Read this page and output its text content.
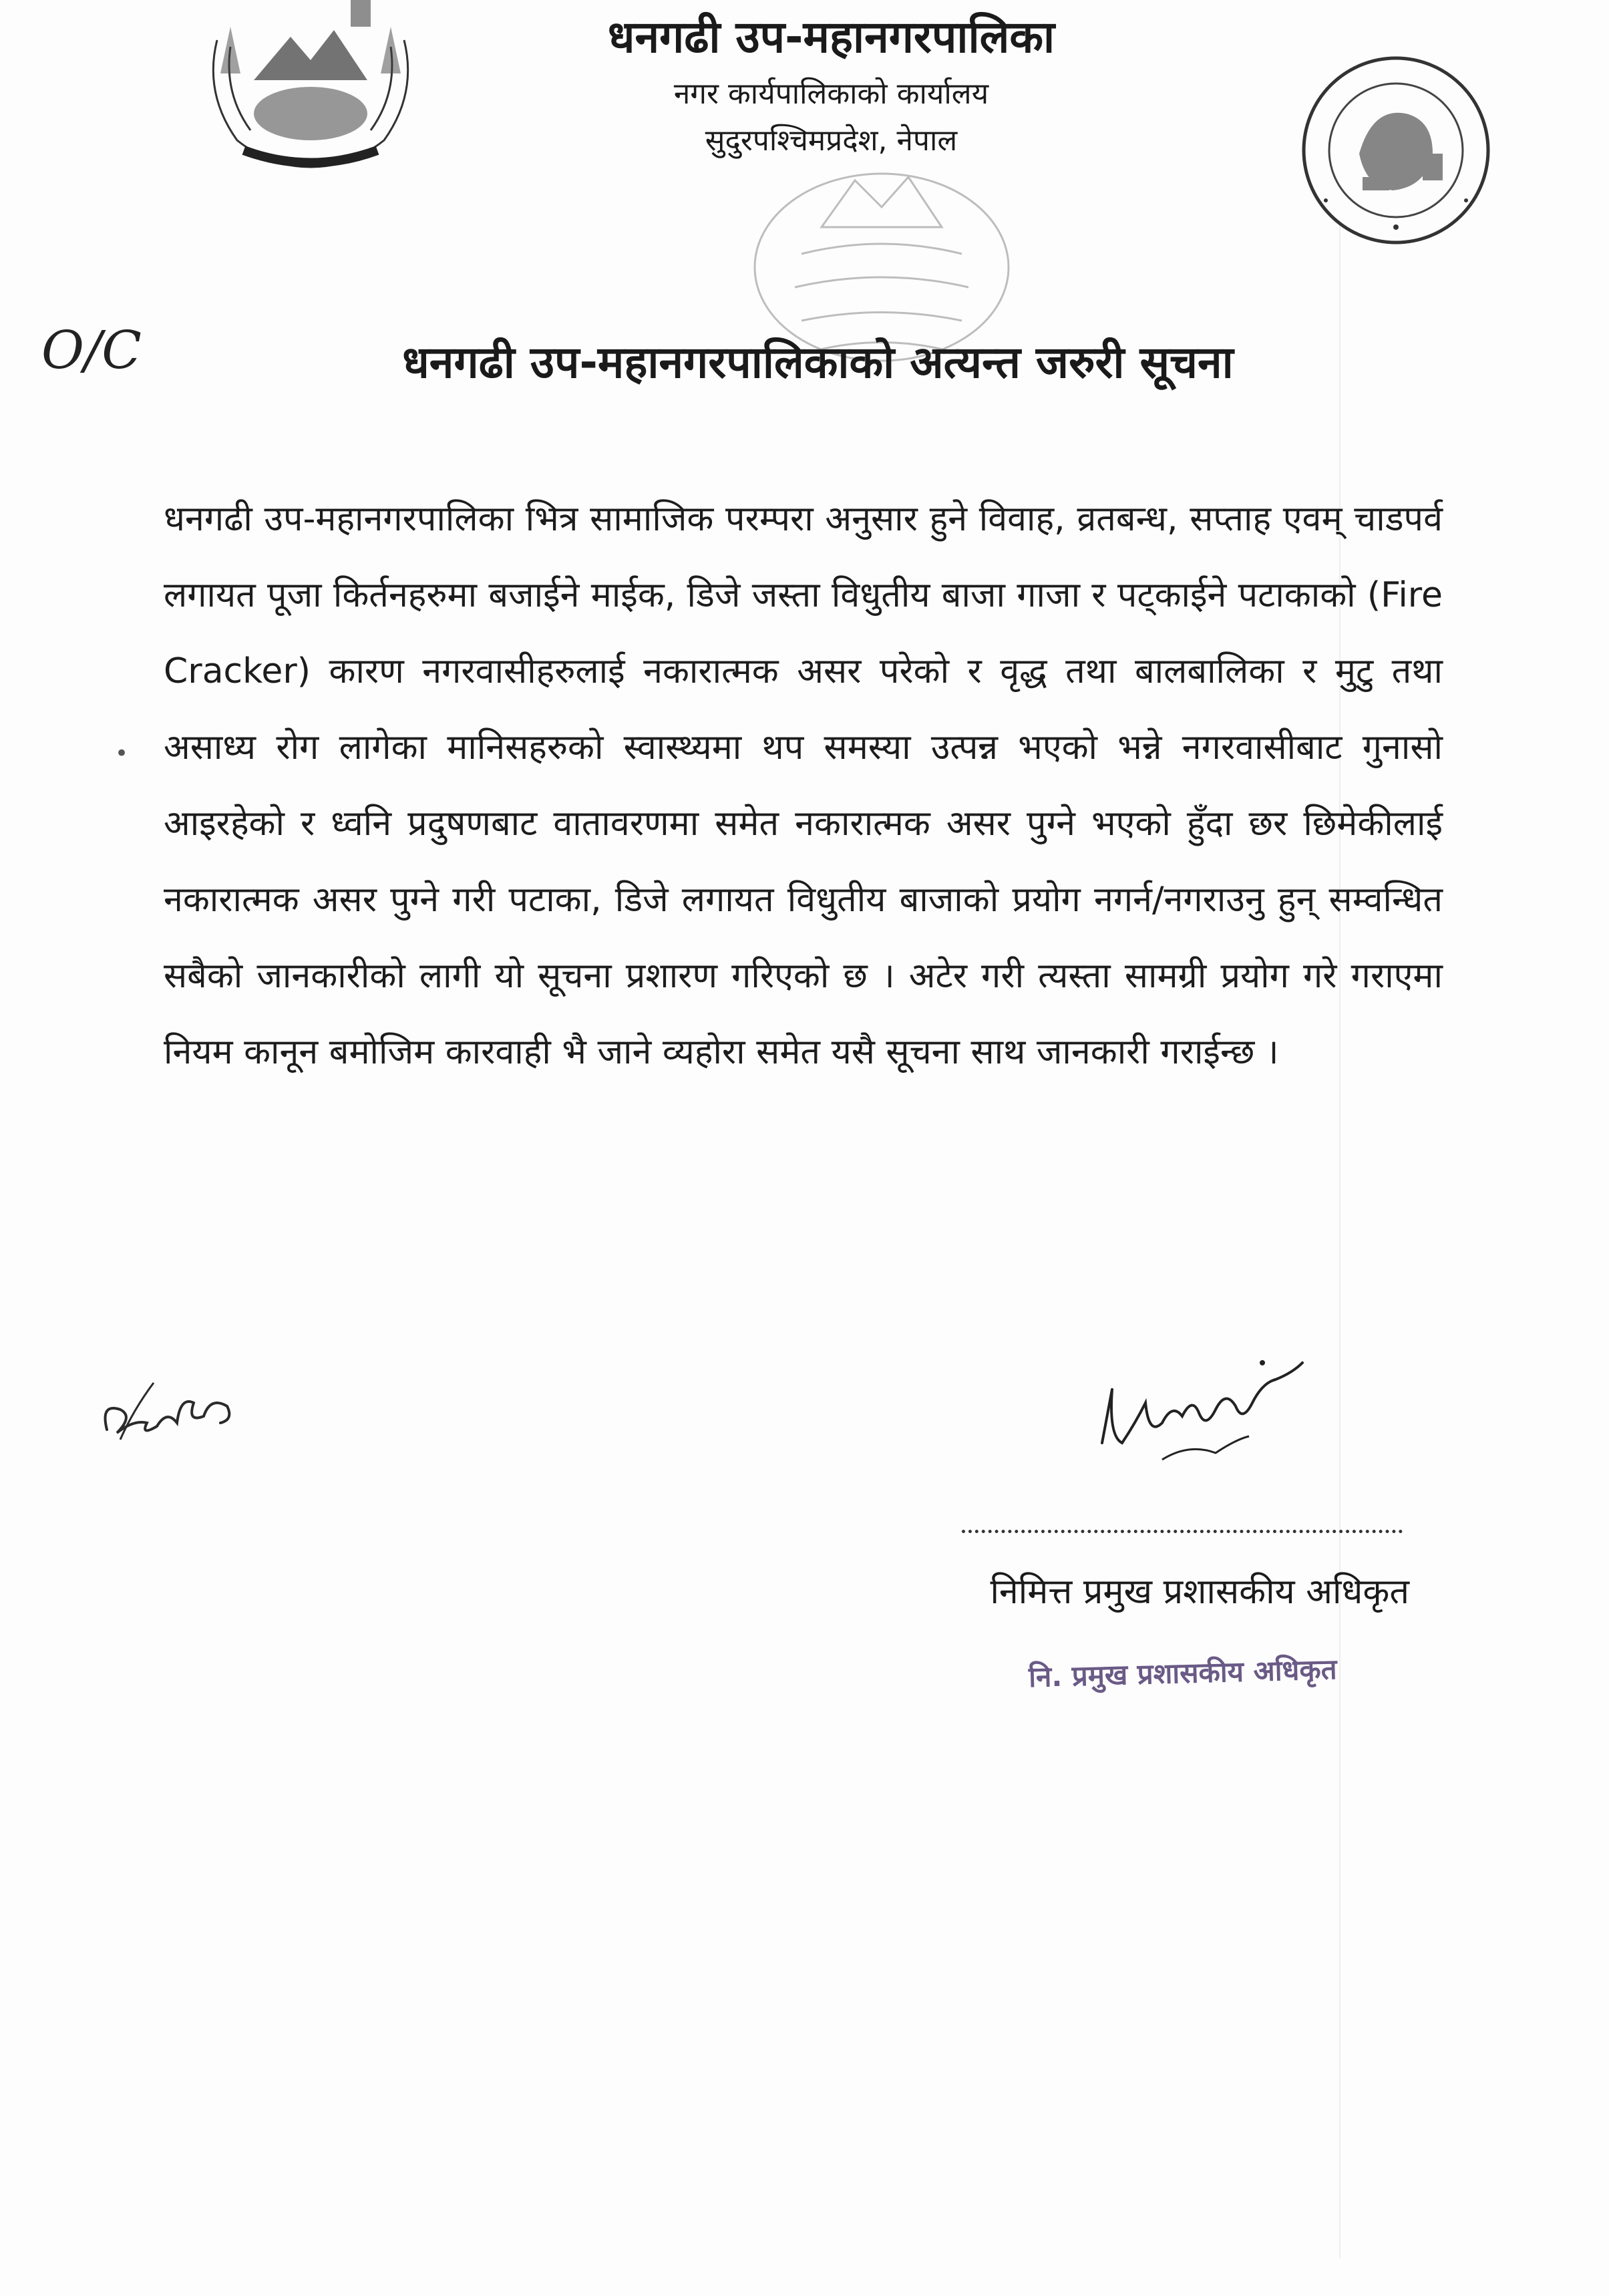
धनगढी उप-महानगरपालिका
नगर कार्यपालिकाको कार्यालय
सुदुरपश्चिमप्रदेश, नेपाल
O/C	धनगढी उप-महानगरपालिकाको अत्यन्त जरुरी सूचना
•
धनगढी उप-महानगरपालिका भित्र सामाजिक परम्परा अनुसार हुने विवाह, व्रतबन्ध, सप्ताह एवम् चाडपर्व लगायत पूजा किर्तनहरुमा बजाईने माईक, डिजे जस्ता विधुतीय बाजा गाजा र पट्काईने पटाकाको (Fire Cracker) कारण नगरवासीहरुलाई नकारात्मक असर परेको र वृद्ध तथा बालबालिका र मुटु तथा असाध्य रोग लागेका मानिसहरुको स्वास्थ्यमा थप समस्या उत्पन्न भएको भन्ने नगरवासीबाट गुनासो आइरहेको र ध्वनि प्रदुषणबाट वातावरणमा समेत नकारात्मक असर पुग्ने भएको हुँदा छर छिमेकीलाई नकारात्मक असर पुग्ने गरी पटाका, डिजे लगायत विधुतीय बाजाको प्रयोग नगर्न/नगराउनु हुन् सम्वन्धित सबैको जानकारीको लागी यो सूचना प्रशारण गरिएको छ । अटेर गरी त्यस्ता सामग्री प्रयोग गरे गराएमा नियम कानून बमोजिम कारवाही भै जाने व्यहोरा समेत यसै सूचना साथ जानकारी गराईन्छ ।
निमित्त प्रमुख प्रशासकीय अधिकृत
नि. प्रमुख प्रशासकीय अधिकृत
